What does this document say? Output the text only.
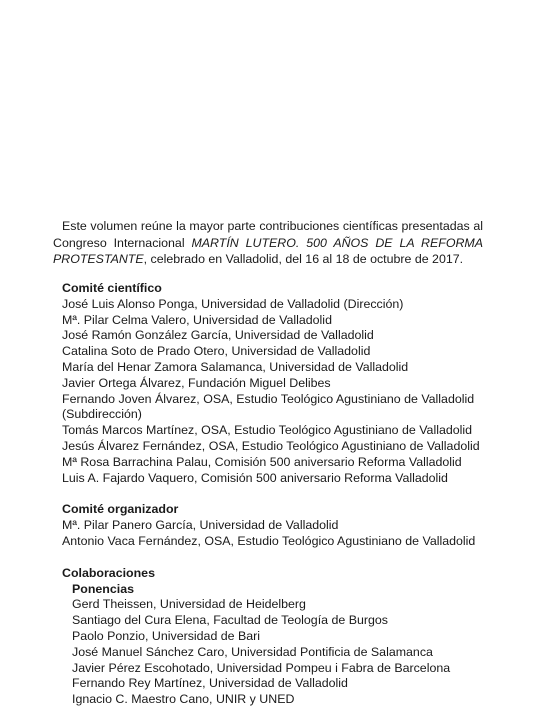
Este volumen reúne la mayor parte contribuciones científicas presentadas al Congreso Internacional MARTÍN LUTERO. 500 AÑOS DE LA REFORMA PROTESTANTE, celebrado en Valladolid, del 16 al 18 de octubre de 2017.

Comité científico
José Luis Alonso Ponga, Universidad de Valladolid (Dirección)
Mª. Pilar Celma Valero, Universidad de Valladolid
José Ramón González García, Universidad de Valladolid
Catalina Soto de Prado Otero, Universidad de Valladolid
María del Henar Zamora Salamanca, Universidad de Valladolid
Javier Ortega Álvarez, Fundación Miguel Delibes
Fernando Joven Álvarez, OSA, Estudio Teológico Agustiniano de Valladolid (Subdirección)
Tomás Marcos Martínez, OSA, Estudio Teológico Agustiniano de Valladolid
Jesús Álvarez Fernández, OSA, Estudio Teológico Agustiniano de Valladolid
Mª Rosa Barrachina Palau, Comisión 500 aniversario Reforma Valladolid
Luis A. Fajardo Vaquero, Comisión 500 aniversario Reforma Valladolid
Comité organizador
Mª. Pilar Panero García, Universidad de Valladolid
Antonio Vaca Fernández, OSA, Estudio Teológico Agustiniano de Valladolid
Colaboraciones
Ponencias
Gerd Theissen, Universidad de Heidelberg
Santiago del Cura Elena, Facultad de Teología de Burgos
Paolo Ponzio, Universidad de Bari
José Manuel Sánchez Caro, Universidad Pontificia de Salamanca
Javier Pérez Escohotado, Universidad Pompeu i Fabra de Barcelona
Fernando Rey Martínez, Universidad de Valladolid
Ignacio C. Maestro Cano, UNIR y UNED
